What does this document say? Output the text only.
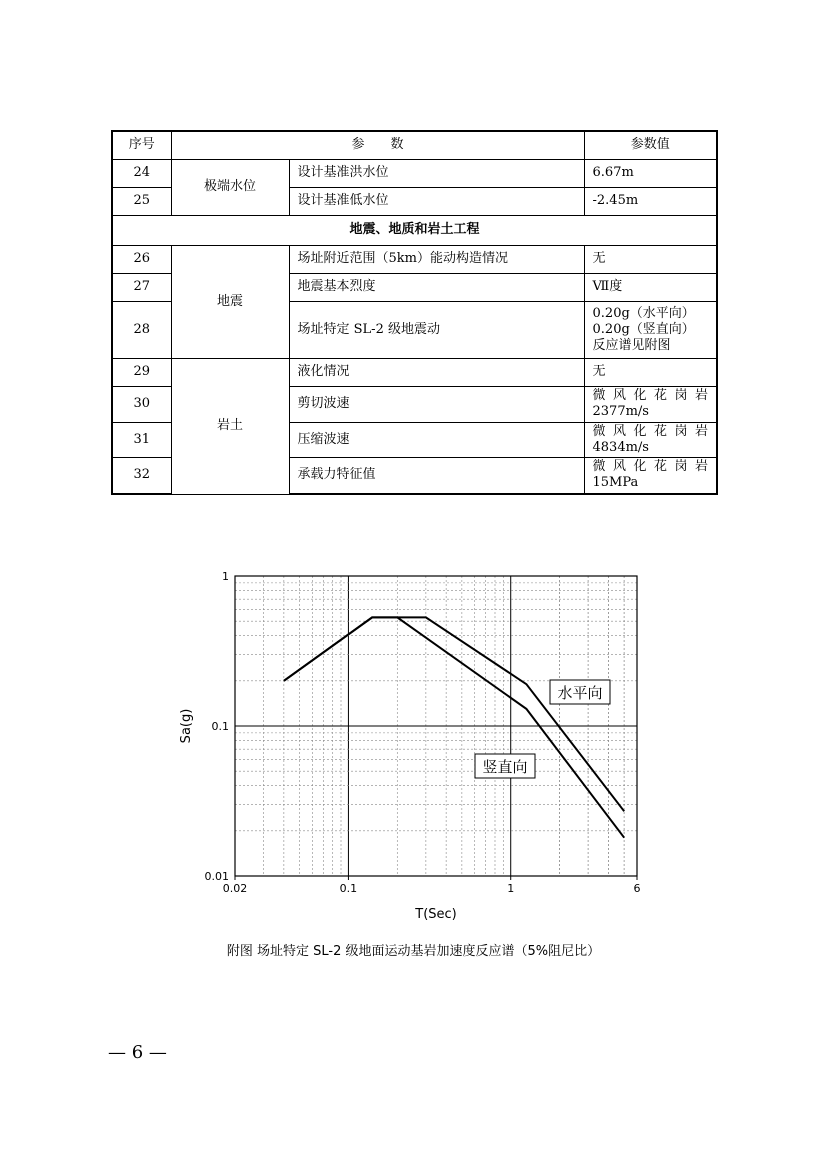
序号	参　　数		参数值
24	极端水位	设计基准洪水位	6.67m
25		设计基准低水位	-2.45m
地震、地质和岩土工程			
26	地震	场址附近范围（5km）能动构造情况	无
27		地震基本烈度	Ⅶ度
28		场址特定 SL-2 级地震动	0.20g（水平向）
0.20g（竖直向）
反应谱见附图

29	岩土	液化情况	无
30		剪切波速	微 风 化 花 岗 岩
2377m/s

31		压缩波速	微 风 化 花 岗 岩
4834m/s

32		承载力特征值	微 风 化 花 岗 岩
15MPa
0.02	0.1	1	6
0.01
0.1
1
T(Sec)
Sa(g)
水平向
竖直向
附图 场址特定 SL-2 级地面运动基岩加速度反应谱（5%阻尼比）
— 6 —
